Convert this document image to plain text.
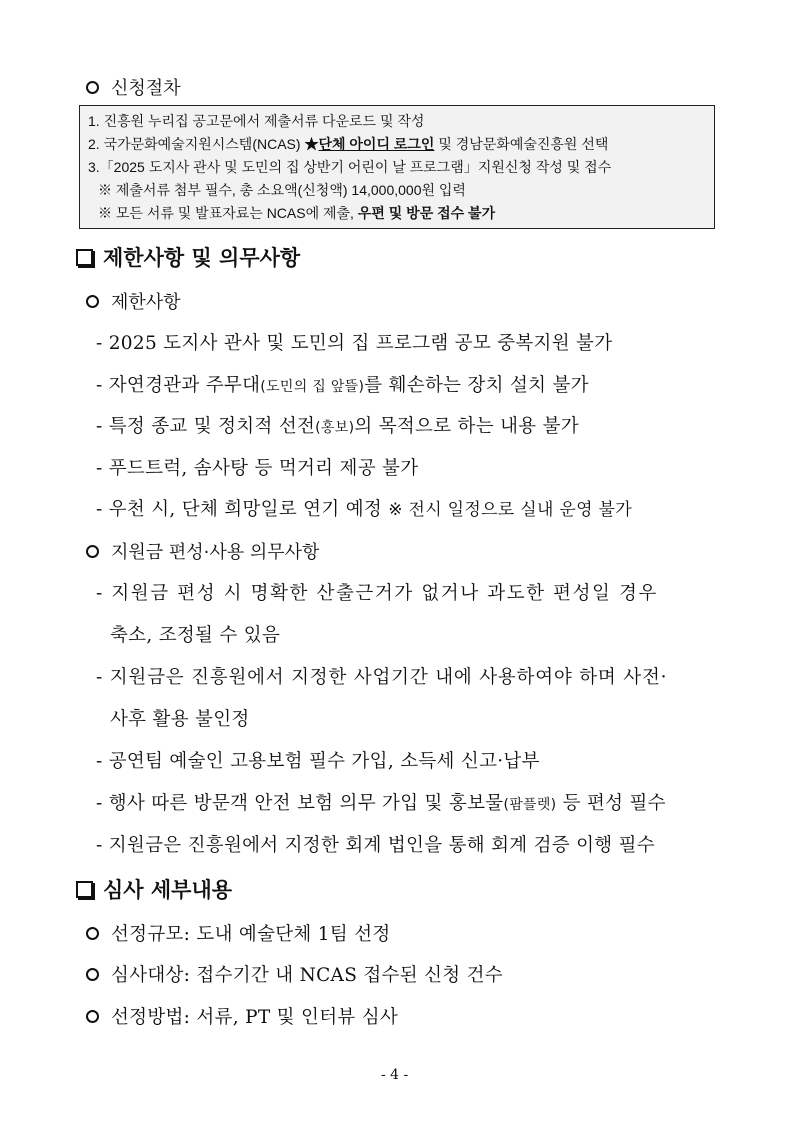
신청절차
1. 진흥원 누리집 공고문에서 제출서류 다운로드 및 작성
2. 국가문화예술지원시스템(NCAS) ★단체 아이디 로그인 및 경남문화예술진흥원 선택
3.「2025 도지사 관사 및 도민의 집 상반기 어린이 날 프로그램」지원신청 작성 및 접수
※ 제출서류 첨부 필수, 총 소요액(신청액) 14,000,000원 입력
※ 모든 서류 및 발표자료는 NCAS에 제출, 우편 및 방문 접수 불가
제한사항 및 의무사항
제한사항
- 2025 도지사 관사 및 도민의 집 프로그램 공모 중복지원 불가
- 자연경관과 주무대(도민의 집 앞뜰)를 훼손하는 장치 설치 불가
- 특정 종교 및 정치적 선전(홍보)의 목적으로 하는 내용 불가
- 푸드트럭, 솜사탕 등 먹거리 제공 불가
- 우천 시, 단체 희망일로 연기 예정 ※ 전시 일정으로 실내 운영 불가
지원금 편성·사용 의무사항
- 지원금 편성 시 명확한 산출근거가 없거나 과도한 편성일 경우
축소, 조정될 수 있음
- 지원금은 진흥원에서 지정한 사업기간 내에 사용하여야 하며 사전·
사후 활용 불인정
- 공연팀 예술인 고용보험 필수 가입, 소득세 신고·납부
- 행사 따른 방문객 안전 보험 의무 가입 및 홍보물(팜플렛) 등 편성 필수
- 지원금은 진흥원에서 지정한 회계 법인을 통해 회계 검증 이행 필수
심사 세부내용
선정규모: 도내 예술단체 1팀 선정
심사대상: 접수기간 내 NCAS 접수된 신청 건수
선정방법: 서류, PT 및 인터뷰 심사
- 4 -
